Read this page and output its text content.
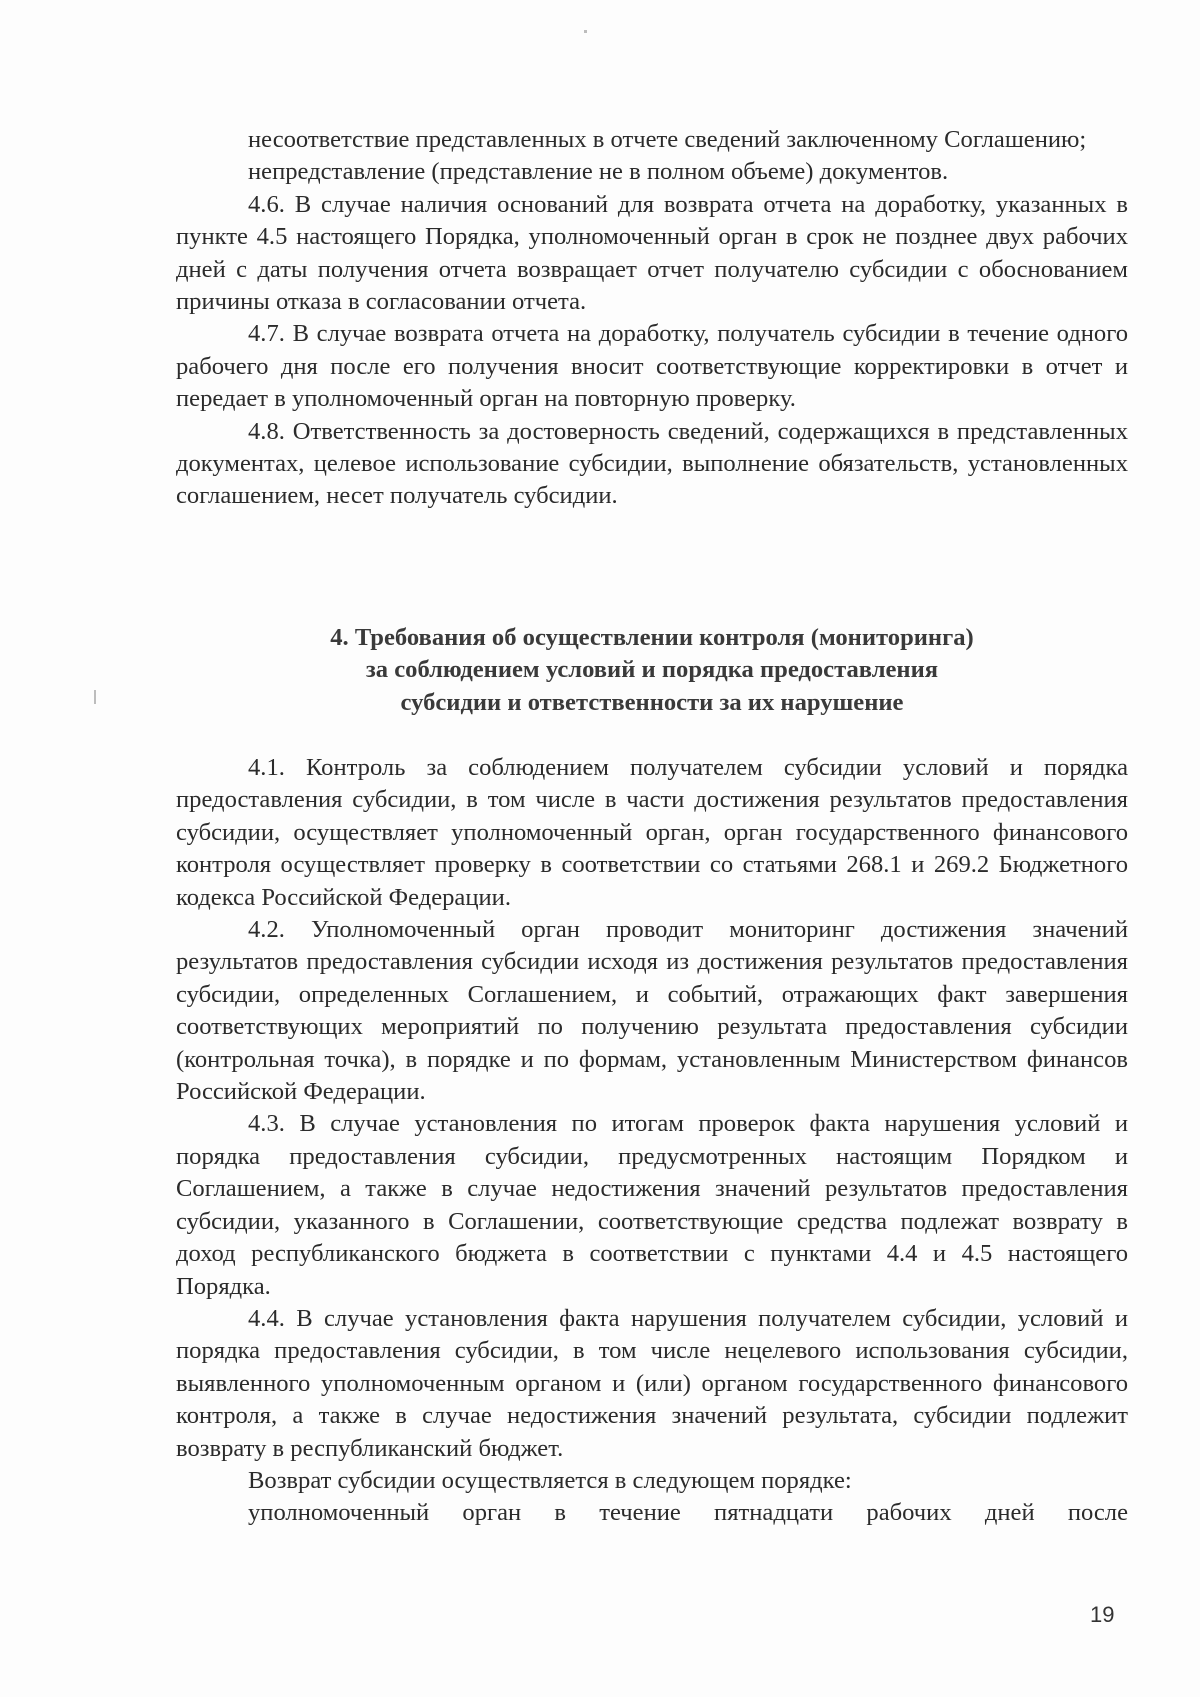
несоответствие представленных в отчете сведений заключенному Соглашению;

непредставление (представление не в полном объеме) документов.

4.6. В случае наличия оснований для возврата отчета на доработку, указанных в пункте 4.5 настоящего Порядка, уполномоченный орган в срок не позднее двух рабочих дней с даты получения отчета возвращает отчет получателю субсидии с обоснованием причины отказа в согласовании отчета.

4.7. В случае возврата отчета на доработку, получатель субсидии в течение одного рабочего дня после его получения вносит соответствующие корректировки в отчет и передает в уполномоченный орган на повторную проверку.

4.8. Ответственность за достоверность сведений, содержащихся в представленных документах, целевое использование субсидии, выполнение обязательств, установленных соглашением, несет получатель субсидии.

4. Требования об осуществлении контроля (мониторинга)
за соблюдением условий и порядка предоставления
субсидии и ответственности за их нарушение

4.1. Контроль за соблюдением получателем субсидии условий и порядка предоставления субсидии, в том числе в части достижения результатов предоставления субсидии, осуществляет уполномоченный орган, орган государственного финансового контроля осуществляет проверку в соответствии со статьями 268.1 и 269.2 Бюджетного кодекса Российской Федерации.

4.2. Уполномоченный орган проводит мониторинг достижения значений результатов предоставления субсидии исходя из достижения результатов предоставления субсидии, определенных Соглашением, и событий, отражающих факт завершения соответствующих мероприятий по получению результата предоставления субсидии (контрольная точка), в порядке и по формам, установленным Министерством финансов Российской Федерации.

4.3. В случае установления по итогам проверок факта нарушения условий и порядка предоставления субсидии, предусмотренных настоящим Порядком и Соглашением, а также в случае недостижения значений результатов предоставления субсидии, указанного в Соглашении, соответствующие средства подлежат возврату в доход республиканского бюджета в соответствии с пунктами 4.4 и 4.5 настоящего Порядка.

4.4. В случае установления факта нарушения получателем субсидии, условий и порядка предоставления субсидии, в том числе нецелевого использования субсидии, выявленного уполномоченным органом и (или) органом государственного финансового контроля, а также в случае недостижения значений результата, субсидии подлежит возврату в республиканский бюджет.

Возврат субсидии осуществляется в следующем порядке:

уполномоченный орган в течение пятнадцати рабочих дней после

19
